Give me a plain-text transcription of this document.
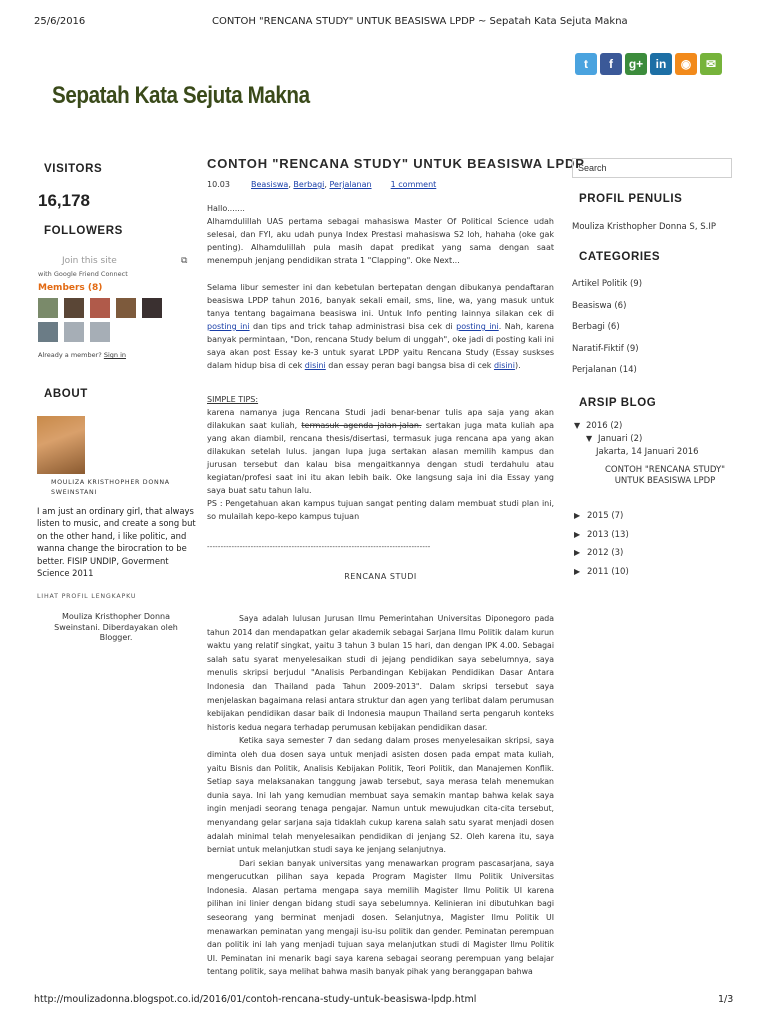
25/6/2016	CONTOH "RENCANA STUDY" UNTUK BEASISWA LPDP ~ Sepatah Kata Sejuta Makna
t	f	g+	in	◉	✉
Sepatah Kata Sejuta Makna
VISITORS
16,178
FOLLOWERS
Join this site	⧉
with Google Friend Connect
Members (8)
Already a member? Sign in
ABOUT
MOULIZA KRISTHOPHER DONNA SWEINSTANI
I am just an ordinary girl, that always listen to music, and create a song but on the other hand, i like politic, and wanna change the birocration to be better. FISIP UNDIP, Goverment Science 2011
LIHAT PROFIL LENGKAPKU
Mouliza Kristhopher Donna Sweinstani. Diberdayakan oleh Blogger.
CONTOH "RENCANA STUDY" UNTUK BEASISWA LPDP
10.03	Beasiswa, Berbagi, Perjalanan 1 comment
Hallo.......
Alhamdulillah UAS pertama sebagai mahasiswa Master Of Political Science udah selesai, dan FYI, aku udah punya Index Prestasi mahasiswa S2 loh, hahaha (oke gak penting). Alhamdulillah pula masih dapat predikat yang sama dengan saat menempuh jenjang pendidikan strata 1 "Clapping". Oke Next...
Selama libur semester ini dan kebetulan bertepatan dengan dibukanya pendaftaran beasiswa LPDP tahun 2016, banyak sekali email, sms, line, wa, yang masuk untuk tanya tentang bagaimana beasiswa ini. Untuk Info penting lainnya silakan cek di posting ini dan tips and trick tahap administrasi bisa cek di posting ini. Nah, karena banyak permintaan, "Don, rencana Study belum di unggah", oke jadi di posting kali ini saya akan post Essay ke-3 untuk syarat LPDP yaitu Rencana Study (Essay suskses dalam hidup bisa di cek disini dan essay peran bagi bangsa bisa di cek disini).
SIMPLE TIPS:
karena namanya juga Rencana Studi jadi benar-benar tulis apa saja yang akan dilakukan saat kuliah, termasuk agenda jalan-jalan. sertakan juga mata kuliah apa yang akan diambil, rencana thesis/disertasi, termasuk juga rencana apa yang akan dilakukan setelah lulus. jangan lupa juga sertakan alasan memilih kampus dan jurusan tersebut dan kalau bisa mengaitkannya dengan studi terdahulu atau kegiatan/profesi saat ini itu akan lebih baik. Oke langsung saja ini dia Essay yang saya buat satu tahun lalu.
PS : Pengetahuan akan kampus tujuan sangat penting dalam membuat studi plan ini, so mulailah kepo-kepo kampus tujuan
----------------------------------------------------------------------------------
RENCANA STUDI

Saya adalah lulusan Jurusan Ilmu Pemerintahan Universitas Diponegoro pada tahun 2014 dan mendapatkan gelar akademik sebagai Sarjana Ilmu Politik dalam kurun waktu yang relatif singkat, yaitu 3 tahun 3 bulan 15 hari, dan dengan IPK 4.00. Sebagai salah satu syarat menyelesaikan studi di jejang pendidikan saya sebelumnya, saya menulis skripsi berjudul "Analisis Perbandingan Kebijakan Pendidikan Dasar Antara Indonesia dan Thailand pada Tahun 2009-2013". Dalam skripsi tersebut saya menjelaskan bagaimana relasi antara struktur dan agen yang terlibat dalam perumusan kebijakan pendidikan dasar baik di Indonesia maupun Thailand serta pengaruh konteks historis kedua negara terhadap perumusan kebijakan pendidikan dasar.

Ketika saya semester 7 dan sedang dalam proses menyelesaikan skripsi, saya diminta oleh dua dosen saya untuk menjadi asisten dosen pada empat mata kuliah, yaitu Bisnis dan Politik, Analisis Kebijakan Politik, Teori Politik, dan Manajemen Konflik. Setiap saya melaksanakan tanggung jawab tersebut, saya merasa telah menemukan dunia saya. Ini lah yang kemudian membuat saya semakin mantap bahwa kelak saya ingin menjadi seorang tenaga pengajar. Namun untuk mewujudkan cita-cita tersebut, menyandang gelar sarjana saja tidaklah cukup karena salah satu syarat menjadi dosen adalah minimal telah menyelesaikan pendidikan di jenjang S2. Oleh karena itu, saya berniat untuk melanjutkan studi saya ke jenjang selanjutnya.

Dari sekian banyak universitas yang menawarkan program pascasarjana, saya mengerucutkan pilihan saya kepada Program Magister Ilmu Politik Universitas Indonesia. Alasan pertama mengapa saya memilih Magister Ilmu Politik UI karena pilihan ini linier dengan bidang studi saya sebelumnya. Kelinieran ini dibutuhkan bagi seseorang yang berminat menjadi dosen. Selanjutnya, Magister Ilmu Politik UI menawarkan peminatan yang mengaji isu-isu politik dan gender. Peminatan perempuan dan politik ini lah yang menjadi tujuan saya melanjutkan studi di Magister Ilmu Politik UI. Peminatan ini menarik bagi saya karena sebagai seorang perempuan yang belajar tentang politik, saya melihat bahwa masih banyak pihak yang beranggapan bahwa

Search
PROFIL PENULIS
Mouliza Kristhopher Donna S, S.IP
CATEGORIES
Artikel Politik (9)
Beasiswa (6)
Berbagi (6)
Naratif-Fiktif (9)
Perjalanan (14)
ARSIP BLOG
▼ 2016 (2)
▼ Januari (2)
Jakarta, 14 Januari 2016
CONTOH "RENCANA STUDY" UNTUK BEASISWA LPDP
▶ 2015 (7)
▶ 2013 (13)
▶ 2012 (3)
▶ 2011 (10)
http://moulizadonna.blogspot.co.id/2016/01/contoh-rencana-study-untuk-beasiswa-lpdp.html	1/3
